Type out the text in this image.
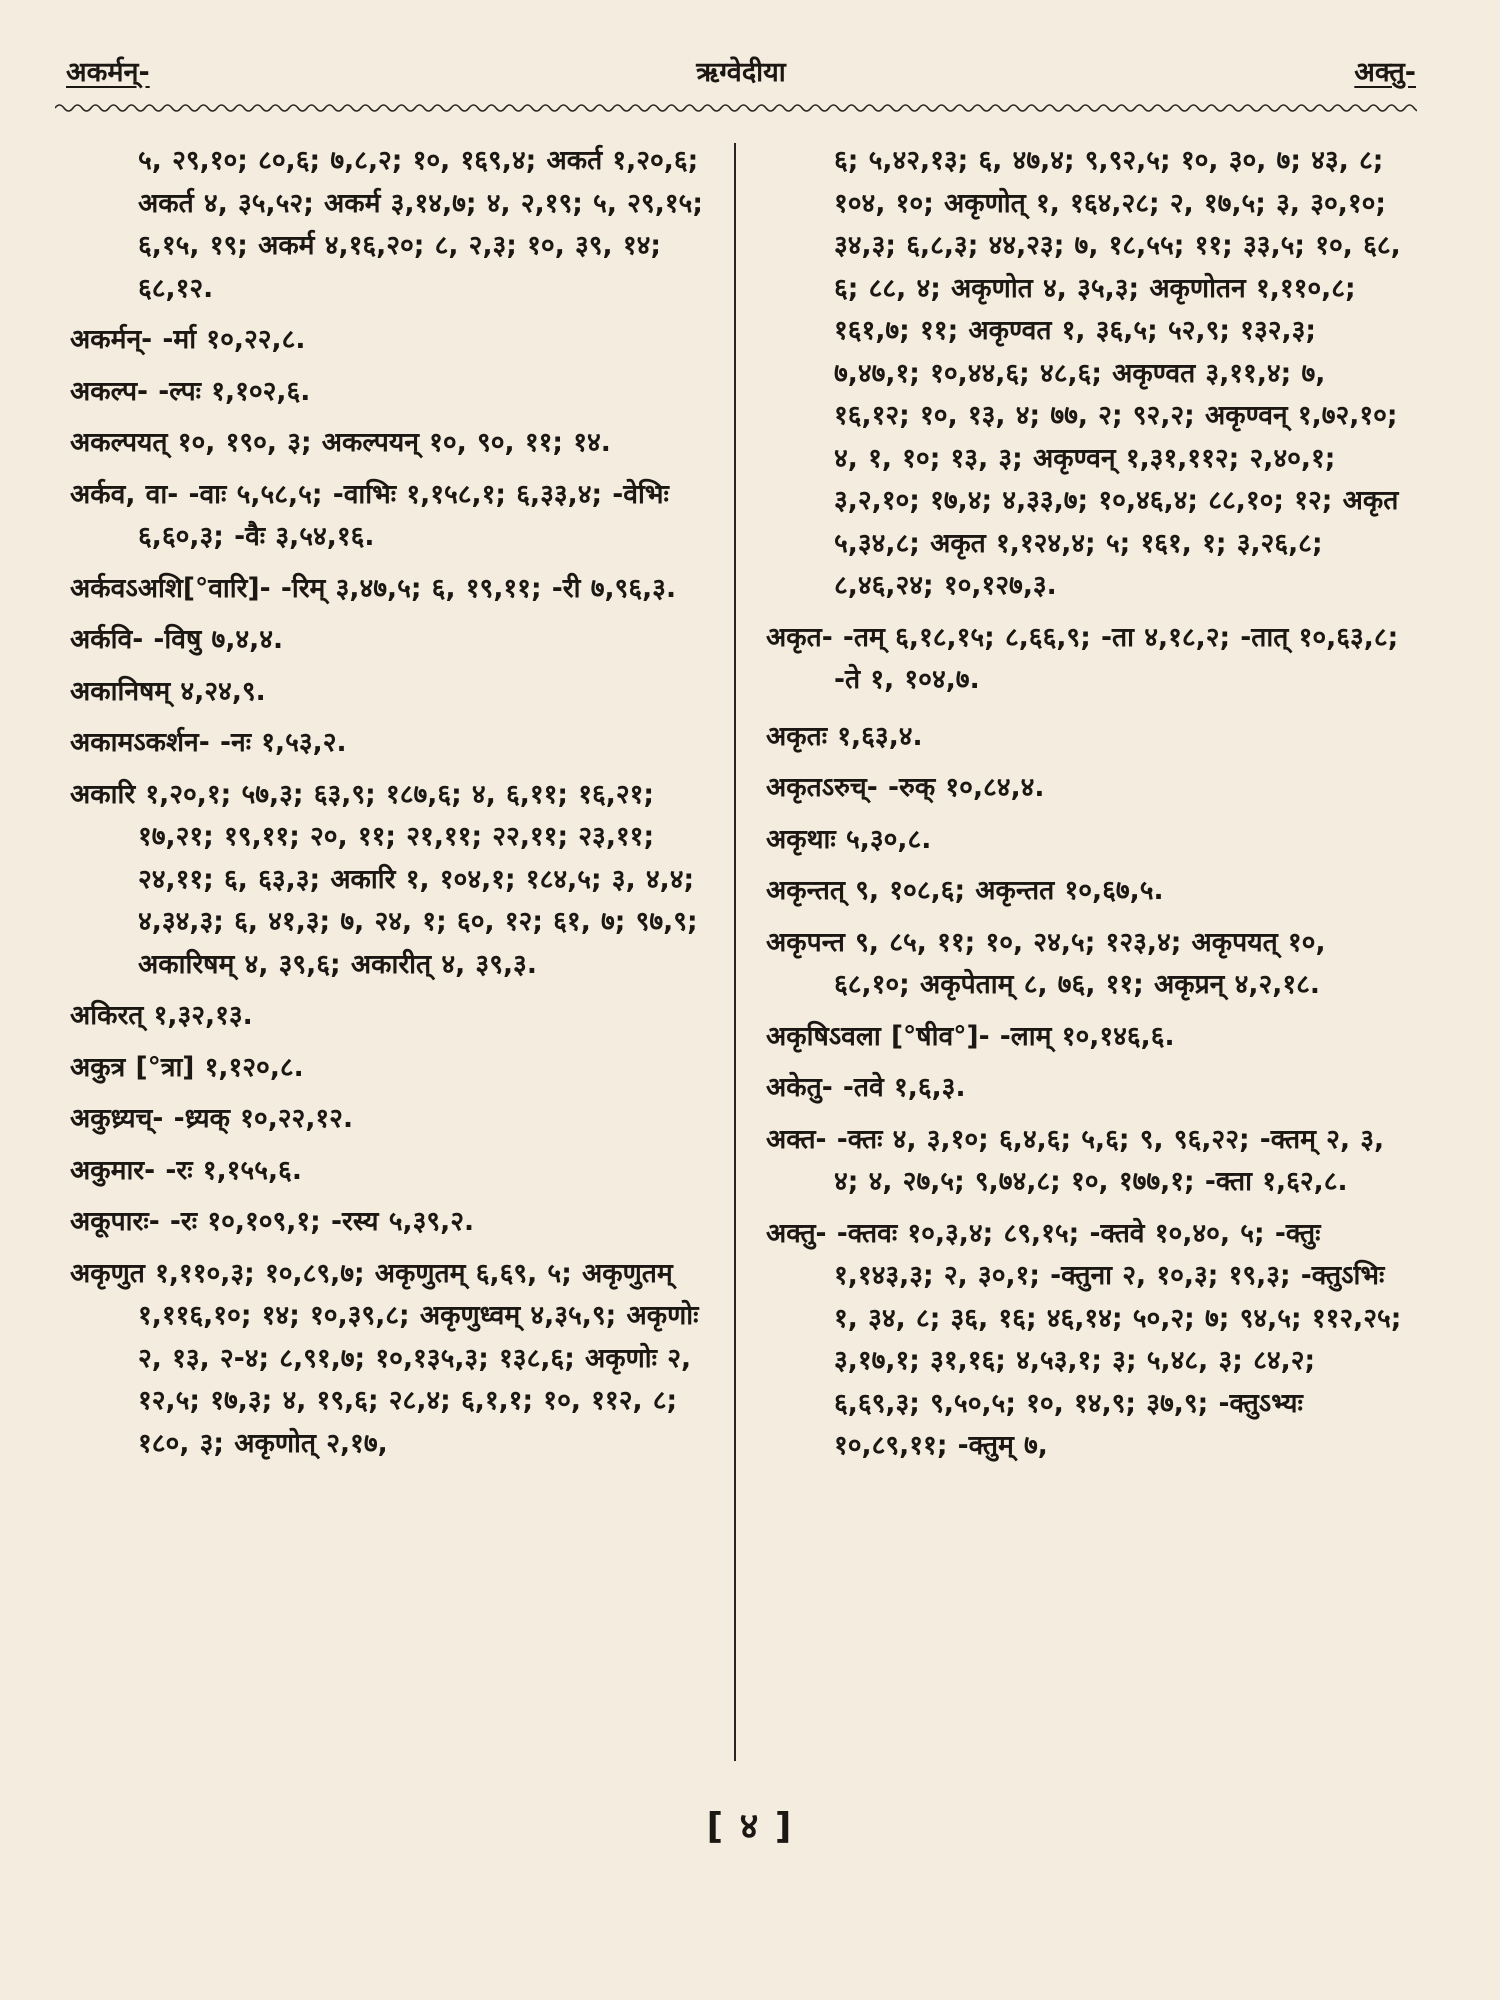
अकर्मन्-	ऋग्वेदीया	अक्तु-
५, २९,१०; ८०,६; ७,८,२; १०, १६९,४; अकर्त १,२०,६; अकर्त ४, ३५,५२; अकर्म ३,१४,७; ४, २,१९; ५, २९,१५; ६,१५, १९; अकर्म ४,१६,२०; ८, २,३; १०, ३९, १४; ६८,१२.
अकर्मन्- -र्मा १०,२२,८.
अकल्प- -ल्पः १,१०२,६.
अकल्पयत् १०, १९०, ३; अकल्पयन् १०, ९०, ११; १४.
अर्कव, वा- -वाः ५,५८,५; -वाभिः १,१५८,१; ६,३३,४; -वेभिः ६,६०,३; -वैः ३,५४,१६.
अर्कवऽअशि[°वारि]- -रिम् ३,४७,५; ६, १९,११; -री ७,९६,३.
अर्कवि- -विषु ७,४,४.
अकानिषम् ४,२४,९.
अकामऽकर्शन- -नः १,५३,२.
अकारि १,२०,१; ५७,३; ६३,९; १८७,६; ४, ६,११; १६,२१; १७,२१; १९,११; २०, ११; २१,११; २२,११; २३,११; २४,११; ६, ६३,३; अकारि १, १०४,१; १८४,५; ३, ४,४; ४,३४,३; ६, ४१,३; ७, २४, १; ६०, १२; ६१, ७; ९७,९; अकारिषम् ४, ३९,६; अकारीत् ४, ३९,३.
अकिरत् १,३२,१३.
अकुत्र [°त्रा] १,१२०,८.
अकुध्र्यच्- -ध्र्यक् १०,२२,१२.
अकुमार- -रः १,१५५,६.
अकूपारः- -रः १०,१०९,१; -रस्य ५,३९,२.
अकृणुत १,११०,३; १०,८९,७; अकृणुतम् ६,६९, ५; अकृणुतम् १,११६,१०; १४; १०,३९,८; अकृणुध्वम् ४,३५,९; अकृणोः २, १३, २-४; ८,९१,७; १०,१३५,३; १३८,६; अकृणोः २, १२,५; १७,३; ४, १९,६; २८,४; ६,१,१; १०, ११२, ८; १८०, ३; अकृणोत् २,१७,
६; ५,४२,१३; ६, ४७,४; ९,९२,५; १०, ३०, ७; ४३, ८; १०४, १०; अकृणोत् १, १६४,२८; २, १७,५; ३, ३०,१०; ३४,३; ६,८,३; ४४,२३; ७, १८,५५; ११; ३३,५; १०, ६८, ६; ८८, ४; अकृणोत ४, ३५,३; अकृणोतन १,११०,८; १६१,७; ११; अकृण्वत १, ३६,५; ५२,९; १३२,३; ७,४७,१; १०,४४,६; ४८,६; अकृण्वत ३,११,४; ७, १६,१२; १०, १३, ४; ७७, २; ९२,२; अकृण्वन् १,७२,१०; ४, १, १०; १३, ३; अकृण्वन् १,३१,११२; २,४०,१; ३,२,१०; १७,४; ४,३३,७; १०,४६,४; ८८,१०; १२; अकृत ५,३४,८; अकृत १,१२४,४; ५; १६१, १; ३,२६,८; ८,४६,२४; १०,१२७,३.
अकृत- -तम् ६,१८,१५; ८,६६,९; -ता ४,१८,२; -तात् १०,६३,८; -ते १, १०४,७.
अकृतः १,६३,४.
अकृतऽरुच्- -रुक् १०,८४,४.
अकृथाः ५,३०,८.
अकृन्तत् ९, १०८,६; अकृन्तत १०,६७,५.
अकृपन्त ९, ८५, ११; १०, २४,५; १२३,४; अकृपयत् १०, ६८,१०; अकृपेताम् ८, ७६, ११; अकृप्रन् ४,२,१८.
अकृषिऽवला [°षीव°]- -लाम् १०,१४६,६.
अकेतु- -तवे १,६,३.
अक्त- -क्तः ४, ३,१०; ६,४,६; ५,६; ९, ९६,२२; -क्तम् २, ३, ४; ४, २७,५; ९,७४,८; १०, १७७,१; -क्ता १,६२,८.
अक्तु- -क्तवः १०,३,४; ८९,१५; -क्तवे १०,४०, ५; -क्तुः १,१४३,३; २, ३०,१; -क्तुना २, १०,३; १९,३; -क्तुऽभिः १, ३४, ८; ३६, १६; ४६,१४; ५०,२; ७; ९४,५; ११२,२५; ३,१७,१; ३१,१६; ४,५३,१; ३; ५,४८, ३; ८४,२; ६,६९,३; ९,५०,५; १०, १४,९; ३७,९; -क्तुऽभ्यः १०,८९,११; -क्तुम् ७,
[ ४ ]
